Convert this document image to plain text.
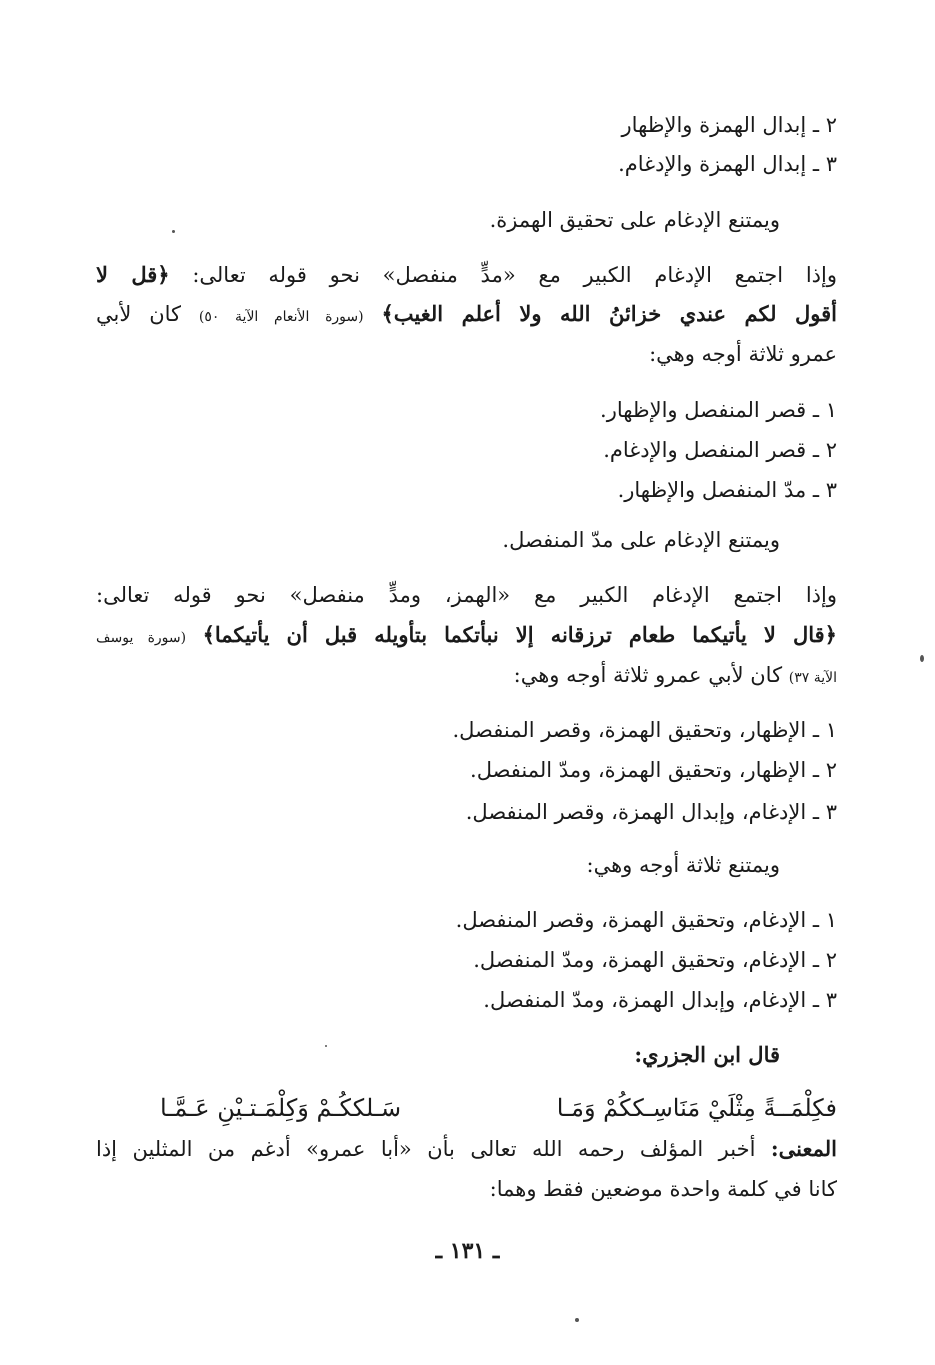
٢ ـ إبدال الهمزة والإظهار
٣ ـ إبدال الهمزة والإدغام.
ويمتنع الإدغام على تحقيق الهمزة.
وإذا اجتمع الإدغام الكبير مع «مدٍّ منفصل» نحو قوله تعالى: ﴿قل لا
أقول لكم عندي خزائنُ الله ولا أعلم الغيب﴾ (سورة الأنعام الآية ٥٠) كان لأبي
عمرو ثلاثة أوجه وهي:
١ ـ قصر المنفصل والإظهار.
٢ ـ قصر المنفصل والإدغام.
٣ ـ مدّ المنفصل والإظهار.
ويمتنع الإدغام على مدّ المنفصل.
وإذا اجتمع الإدغام الكبير مع «الهمز، ومدٍّ منفصل» نحو قوله تعالى:
﴿قال لا يأتيكما طعام ترزقانه إلا نبأتكما بتأويله قبل أن يأتيكما﴾ (سورة يوسف
الآية ٣٧) كان لأبي عمرو ثلاثة أوجه وهي:
١ ـ الإظهار، وتحقيق الهمزة، وقصر المنفصل.
٢ ـ الإظهار، وتحقيق الهمزة، ومدّ المنفصل.
٣ ـ الإدغام، وإبدال الهمزة، وقصر المنفصل.
ويمتنع ثلاثة أوجه وهي:
١ ـ الإدغام، وتحقيق الهمزة، وقصر المنفصل.
٢ ـ الإدغام، وتحقيق الهمزة، ومدّ المنفصل.
٣ ـ الإدغام، وإبدال الهمزة، ومدّ المنفصل.
قال ابن الجزري:
فكِلْمَــةً مِثْلَيْ مَنَاسِـككُمْ وَمَـا
سَـلككُـمْ وَكِلْمَـتـيْنِ عَـمَّـا
المعنى: أخبر المؤلف رحمه الله تعالى بأن «أبا عمرو» أدغم من المثلين إذا
كانا في كلمة واحدة موضعين فقط وهما:
ـ ١٣١ ـ
